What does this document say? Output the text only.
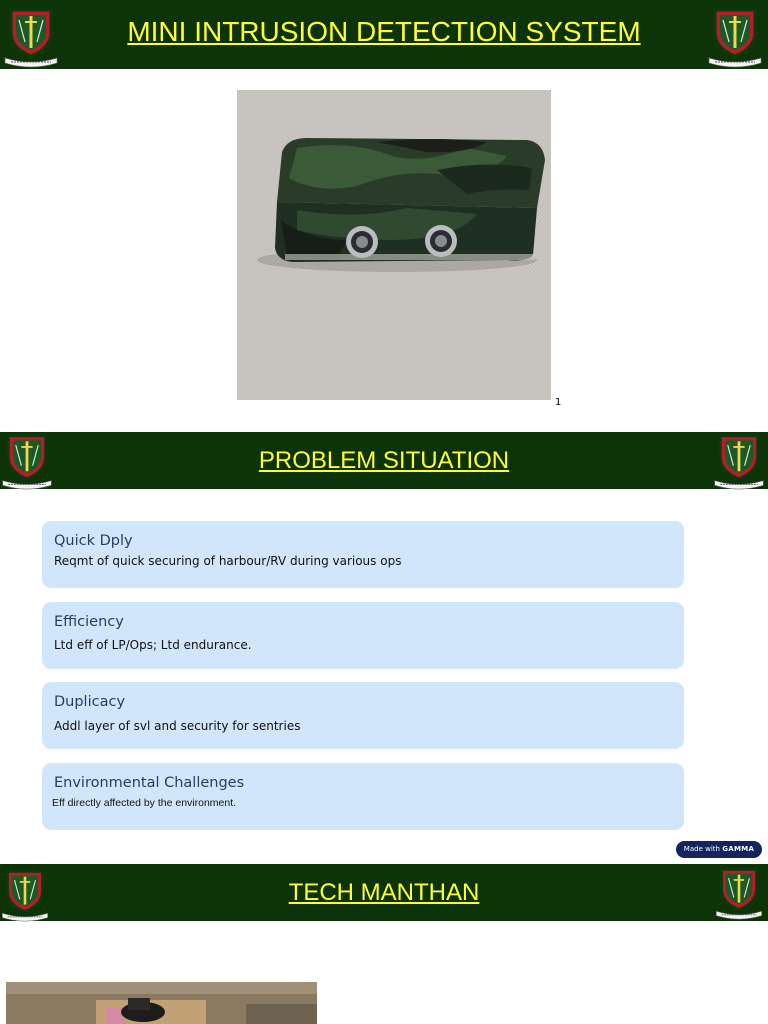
MINI INTRUSION DETECTION SYSTEM
1
PROBLEM SITUATION
Quick Dply
Reqmt of quick securing of harbour/RV during various ops
Efficiency
Ltd eff of LP/Ops; Ltd endurance.
Duplicacy
Addl layer of svl and security for sentries
Environmental Challenges
Eff directly affected by the environment.
Made with GAMMA
TECH MANTHAN
